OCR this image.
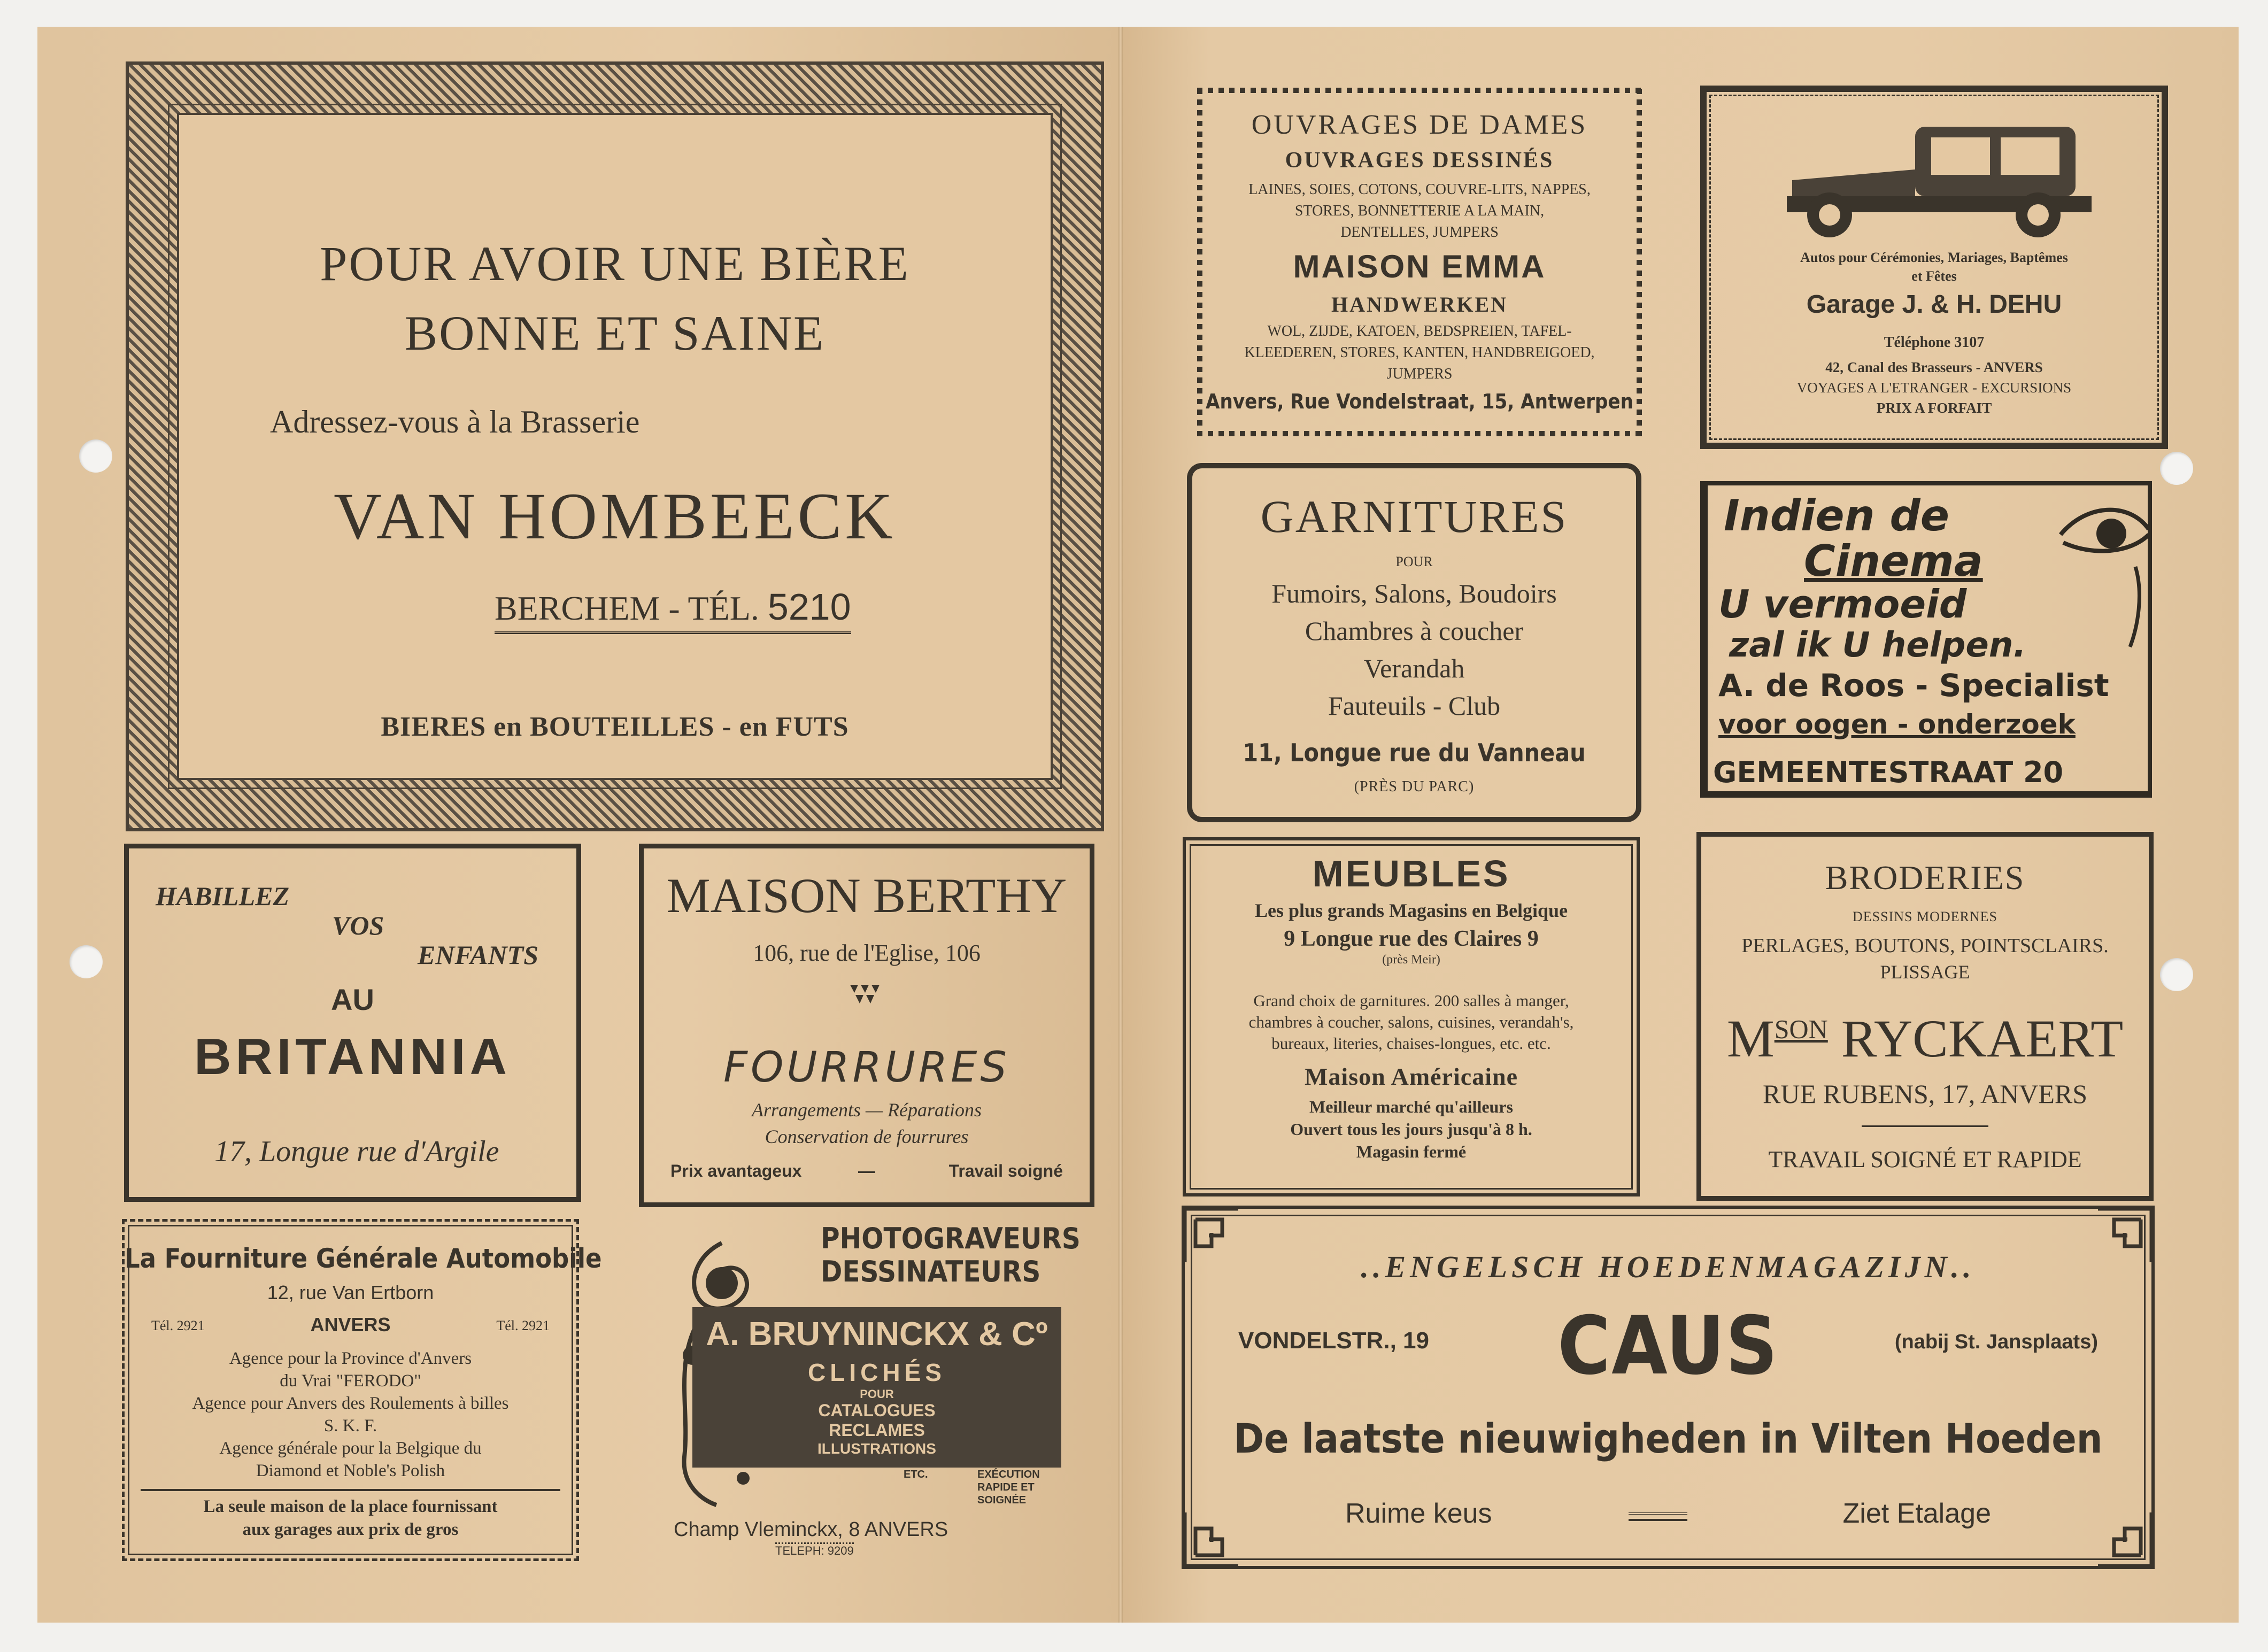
POUR AVOIR UNE BIÈRE
BONNE ET SAINE
Adressez-vous à la Brasserie
VAN HOMBEECK
BERCHEM - TÉL. 5210
BIERES en BOUTEILLES - en FUTS
HABILLEZ
VOS
ENFANTS
AU
BRITANNIA
17, Longue rue d'Argile
MAISON BERTHY
106, rue de l'Eglise, 106
FOURRURES
Arrangements — Réparations
Conservation de fourrures
Prix avantageux	—	Travail soigné
La Fourniture Générale Automobile
12, rue Van Ertborn
Tél. 2921	ANVERS	Tél. 2921
Agence pour la Province d'Anvers
du Vrai "FERODO"
Agence pour Anvers des Roulements à billes
S. K. F.
Agence générale pour la Belgique du
Diamond et Noble's Polish
La seule maison de la place fournissant
aux garages aux prix de gros
PHOTOGRAVEURS
DESSINATEURS
A. BRUYNINCKX & Cº
CLICHÉS
POUR
CATALOGUES
RECLAMES
ILLUSTRATIONS
ETC.	EXÉCUTION
RAPIDE ET
SOIGNÉE
Champ Vleminckx, 8 ANVERS
TELEPH: 9209
OUVRAGES DE DAMES
OUVRAGES DESSINÉS
LAINES, SOIES, COTONS, COUVRE-LITS, NAPPES,
STORES, BONNETTERIE A LA MAIN,
DENTELLES, JUMPERS
MAISON EMMA
HANDWERKEN
WOL, ZIJDE, KATOEN, BEDSPREIEN, TAFEL-
KLEEDEREN, STORES, KANTEN, HANDBREIGOED,
JUMPERS
Anvers, Rue Vondelstraat, 15, Antwerpen
Autos pour Cérémonies, Mariages, Baptêmes
et Fêtes
Garage J. & H. DEHU
Téléphone 3107
42, Canal des Brasseurs - ANVERS
VOYAGES A L'ETRANGER - EXCURSIONS
PRIX A FORFAIT
GARNITURES
POUR
Fumoirs, Salons, Boudoirs
Chambres à coucher
Verandah
Fauteuils - Club
11, Longue rue du Vanneau
(PRÈS DU PARC)
Indien de
Cinema
U vermoeid
zal ik U helpen.
A. de Roos - Specialist
voor oogen - onderzoek
GEMEENTESTRAAT 20
MEUBLES
Les plus grands Magasins en Belgique
9 Longue rue des Claires 9
(près Meir)
Grand choix de garnitures. 200 salles à manger,
chambres à coucher, salons, cuisines, verandah's,
bureaux, literies, chaises-longues, etc. etc.
Maison Américaine
Meilleur marché qu'ailleurs
Ouvert tous les jours jusqu'à 8 h.
Magasin fermé
BRODERIES
DESSINS MODERNES
PERLAGES, BOUTONS, POINTSCLAIRS.
PLISSAGE
$M^{SON}$ RYCKAERT
RUE RUBENS, 17, ANVERS
TRAVAIL SOIGNÉ ET RAPIDE
..ENGELSCH HOEDENMAGAZIJN..
VONDELSTR., 19	CAUS	(nabij St. Jansplaats)
De laatste nieuwigheden in Vilten Hoeden
Ruime keus	Ziet Etalage
